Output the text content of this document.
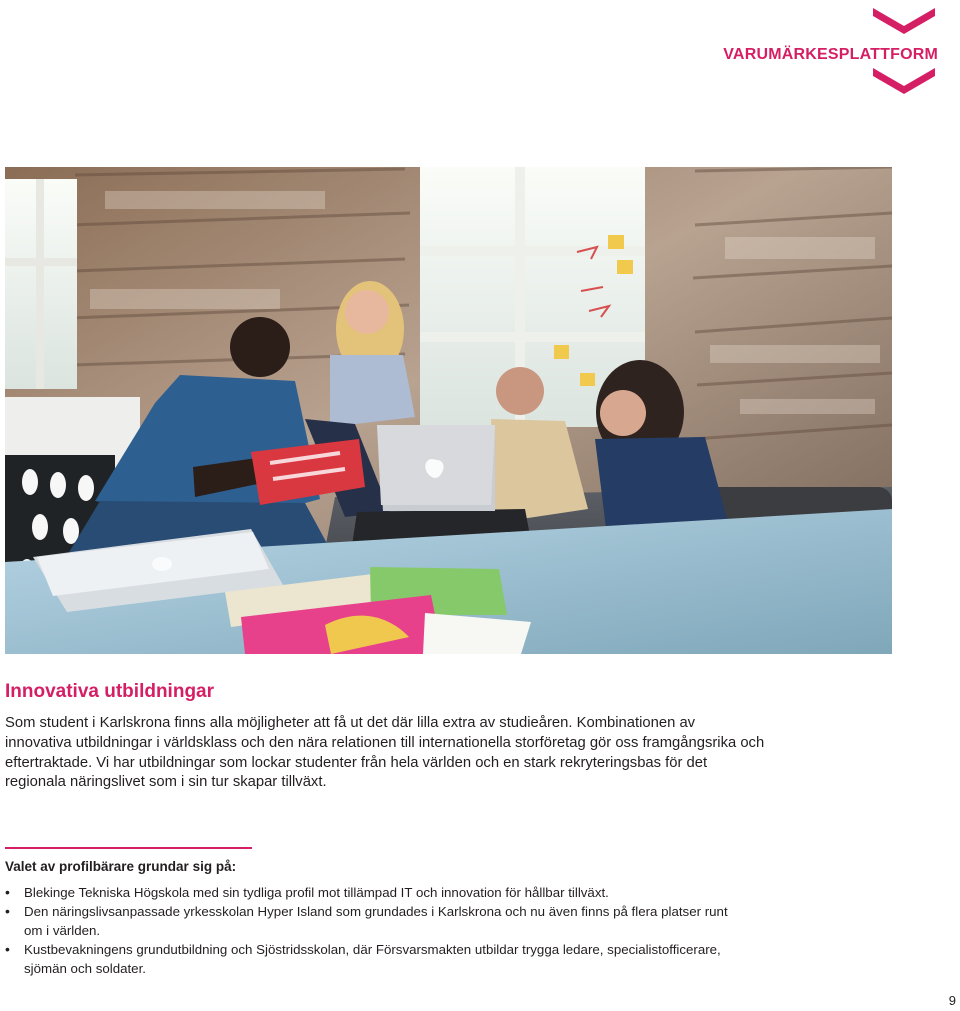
VARUMÄRKESPLATTFORM
Innovativa utbildningar

Som student i Karlskrona finns alla möjligheter att få ut det där lilla extra av studieåren. Kombinationen av innovativa utbildningar i världsklass och den nära relationen till internationella storföretag gör oss framgångsrika och eftertraktade. Vi har utbildningar som lockar studenter från hela världen och en stark rekryteringsbas för det regionala näringslivet som i sin tur skapar tillväxt.

Valet av profilbärare grundar sig på:
• Blekinge Tekniska Högskola med sin tydliga profil mot tillämpad IT och innovation för hållbar tillväxt.
• Den näringslivsanpassade yrkesskolan Hyper Island som grundades i Karlskrona och nu även finns på flera platser runt om i världen.
• Kustbevakningens grundutbildning och Sjöstridsskolan, där Försvarsmakten utbildar trygga ledare, specialistofficerare, sjömän och soldater.
9
